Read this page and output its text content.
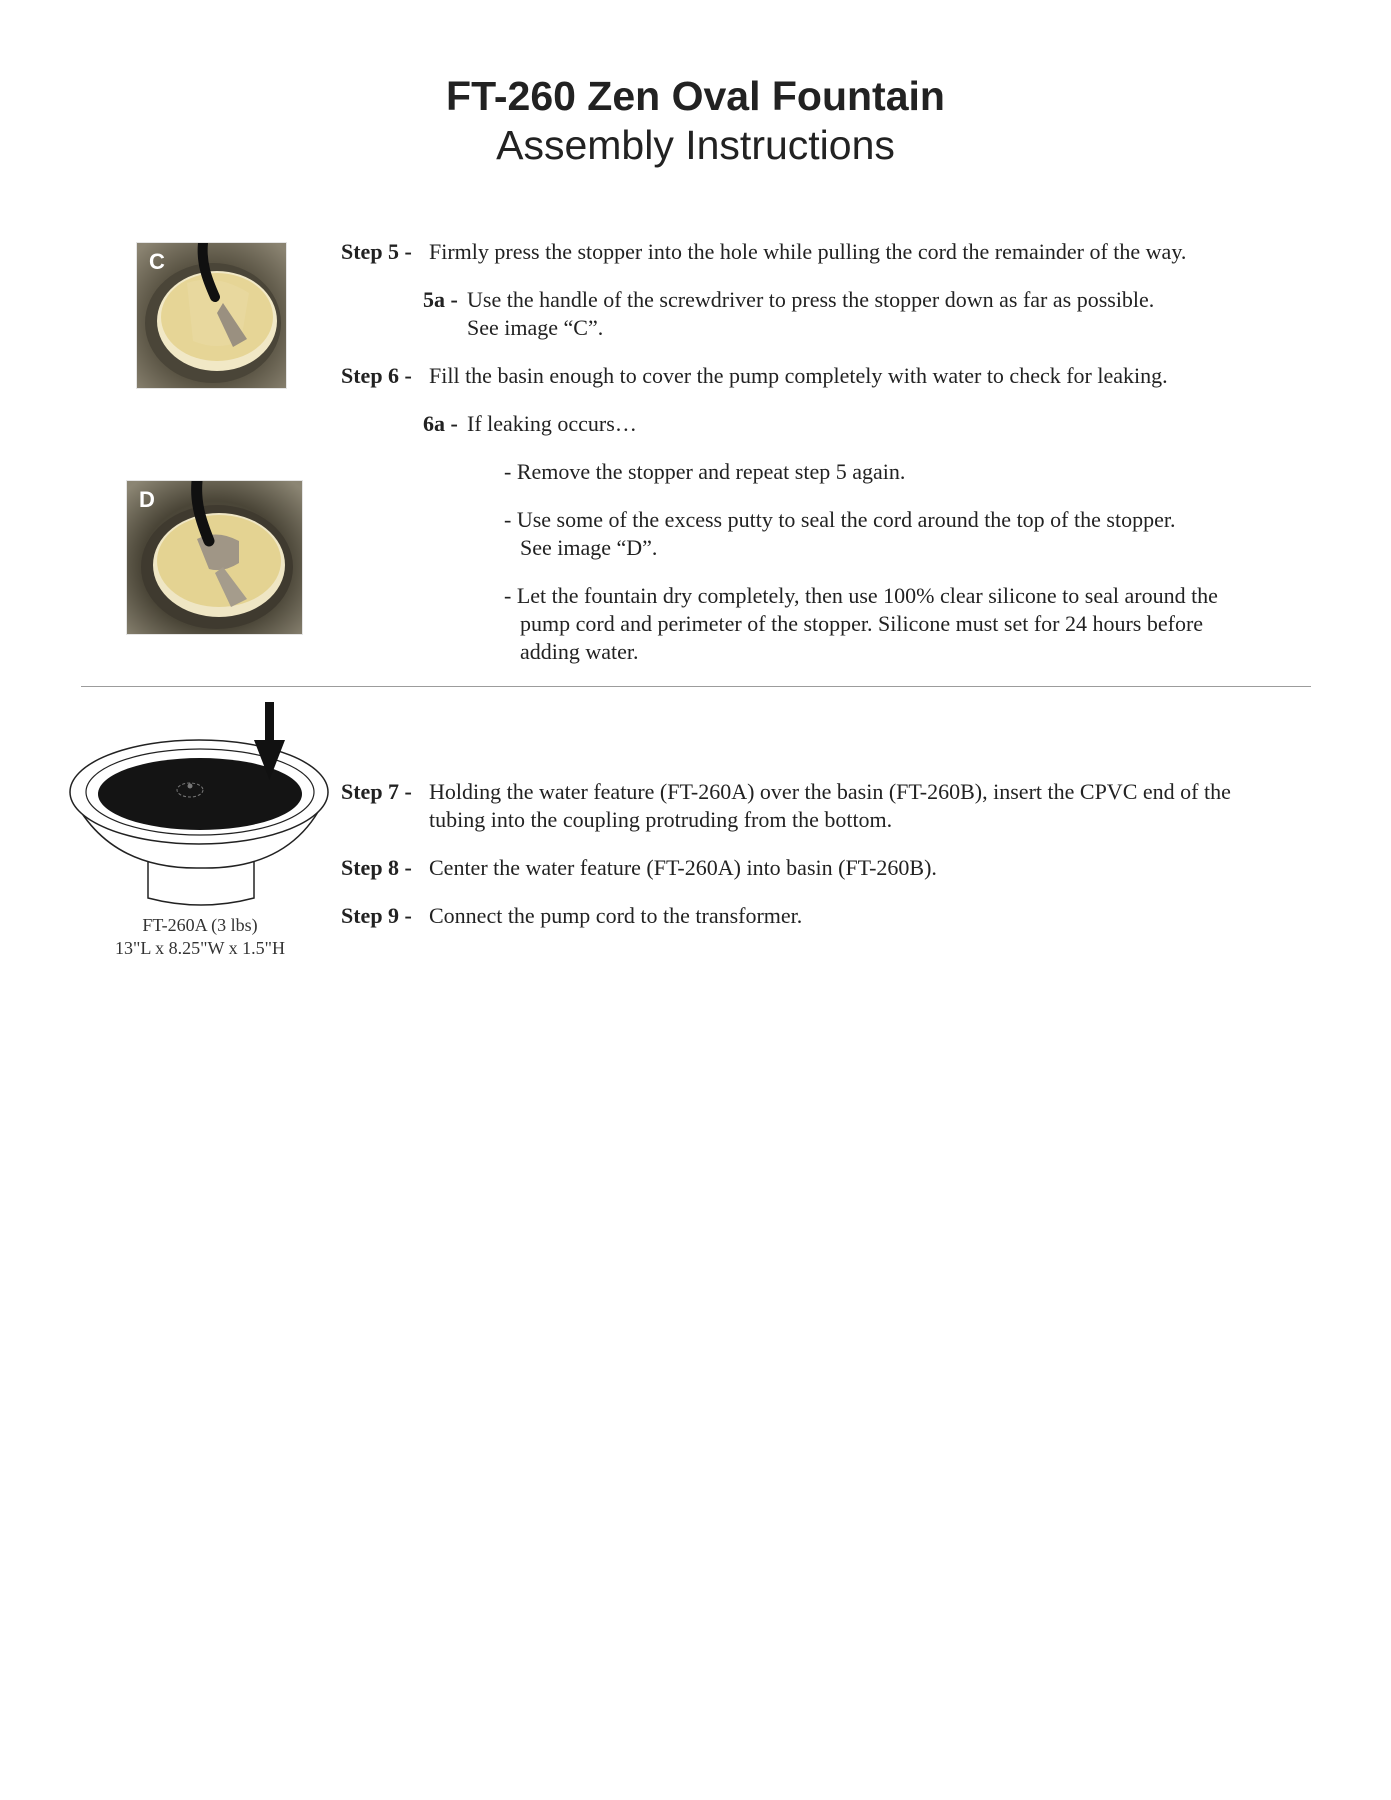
FT-260 Zen Oval Fountain
Assembly Instructions
C
D
Step 5 - Firmly press the stopper into the hole while pulling the cord the remainder of the way.
5a - Use the handle of the screwdriver to press the stopper down as far as possible.
See image “C”.
Step 6 - Fill the basin enough to cover the pump completely with water to check for leaking.
6a - If leaking occurs…
- Remove the stopper and repeat step 5 again.
- Use some of the excess putty to seal the cord around the top of the stopper.
See image “D”.
- Let the fountain dry completely, then use 100% clear silicone to seal around the
pump cord and perimeter of the stopper. Silicone must set for 24 hours before
adding water.
FT-260A (3 lbs)
13"L x 8.25"W x 1.5"H
Step 7 - Holding the water feature (FT-260A) over the basin (FT-260B), insert the CPVC end of the
tubing into the coupling protruding from the bottom.
Step 8 - Center the water feature (FT-260A) into basin (FT-260B).
Step 9 - Connect the pump cord to the transformer.
